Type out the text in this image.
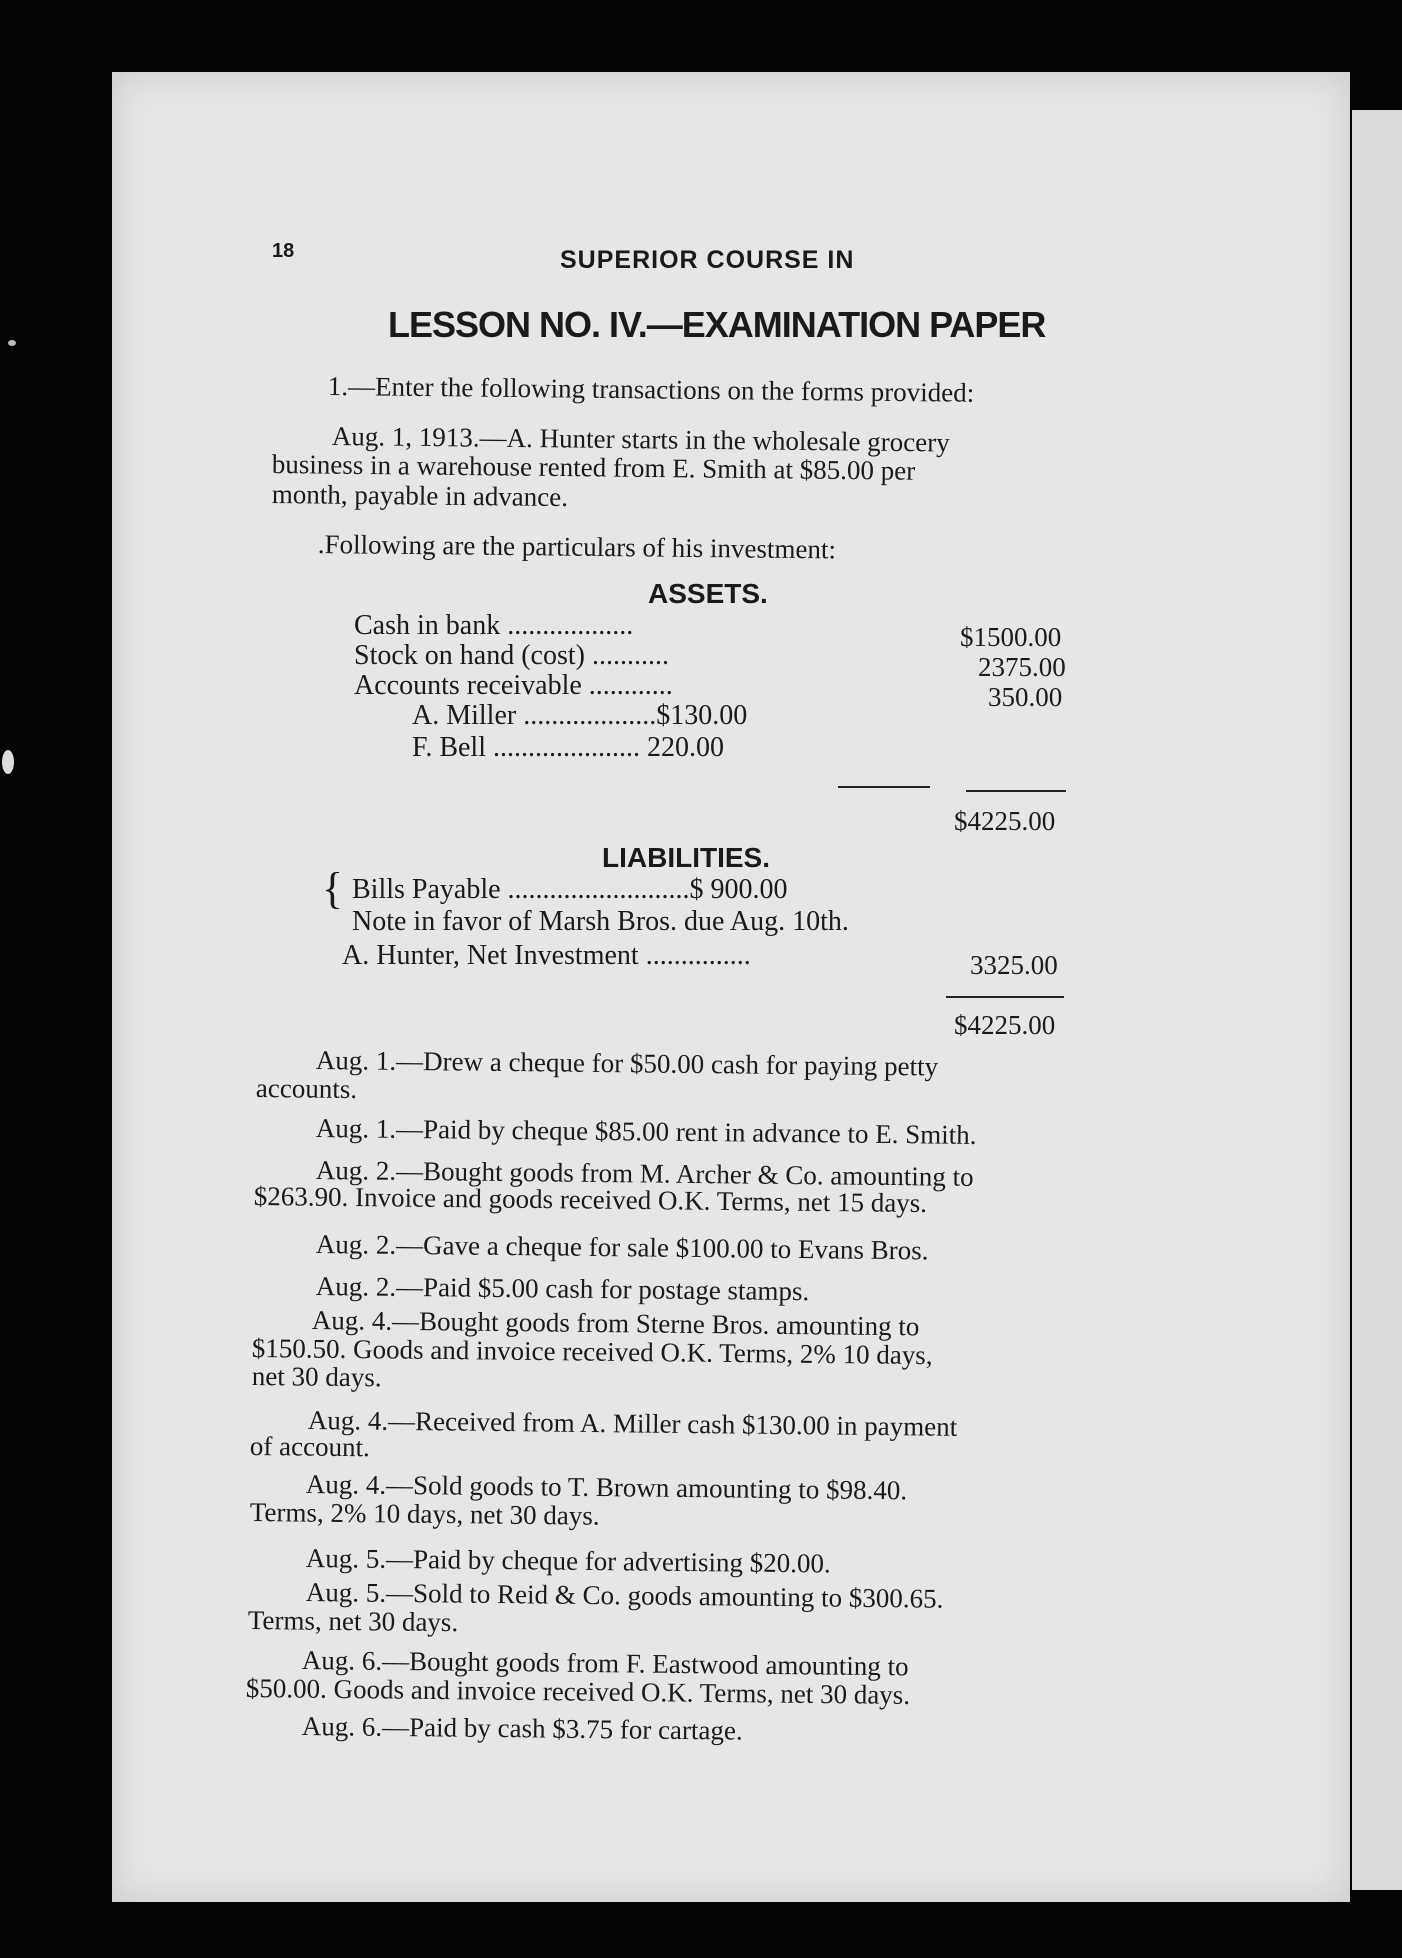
18	SUPERIOR COURSE IN
LESSON NO. IV.—EXAMINATION PAPER

1.—Enter the following transactions on the forms provided:

Aug. 1, 1913.—A. Hunter starts in the wholesale grocery
business in a warehouse rented from E. Smith at $85.00 per
month, payable in advance.
.Following are the particulars of his investment:
ASSETS.
Cash in bank ..................	$1500.00
Stock on hand (cost) ...........	2375.00
Accounts receivable ............	350.00
A. Miller ...................$130.00
F. Bell ..................... 220.00
$4225.00
LIABILITIES.
{ Bills Payable ..........................$ 900.00
Note in favor of Marsh Bros. due Aug. 10th.
A. Hunter, Net Investment ...............	3325.00
$4225.00
Aug. 1.—Drew a cheque for $50.00 cash for paying petty
accounts.
Aug. 1.—Paid by cheque $85.00 rent in advance to E. Smith.
Aug. 2.—Bought goods from M. Archer & Co. amounting to
$263.90. Invoice and goods received O.K. Terms, net 15 days.
Aug. 2.—Gave a cheque for sale $100.00 to Evans Bros.
Aug. 2.—Paid $5.00 cash for postage stamps.
Aug. 4.—Bought goods from Sterne Bros. amounting to
$150.50. Goods and invoice received O.K. Terms, 2% 10 days,
net 30 days.
Aug. 4.—Received from A. Miller cash $130.00 in payment
of account.
Aug. 4.—Sold goods to T. Brown amounting to $98.40.
Terms, 2% 10 days, net 30 days.
Aug. 5.—Paid by cheque for advertising $20.00.
Aug. 5.—Sold to Reid & Co. goods amounting to $300.65.
Terms, net 30 days.
Aug. 6.—Bought goods from F. Eastwood amounting to
$50.00. Goods and invoice received O.K. Terms, net 30 days.
Aug. 6.—Paid by cash $3.75 for cartage.
